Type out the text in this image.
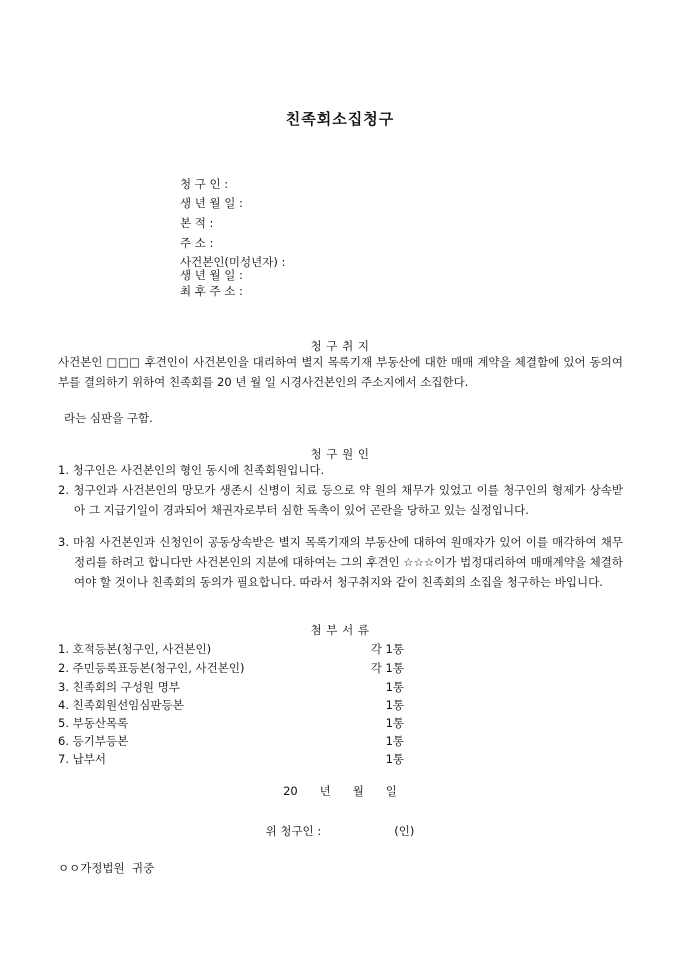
친족회소집청구
청 구 인 :
생 년 월 일 :
본 적 :
주 소 :
사건본인(미성년자) :
생 년 월 일 :
최 후 주 소 :
청 구 취 지
사건본인 □□□ 후견인이 사건본인을 대리하여 별지 목록기재 부동산에 대한 매매 계약을 체결함에 있어 동의여부를 결의하기 위하여 친족회를 20 년 월 일 시경사건본인의 주소지에서 소집한다.
라는 심판을 구함.
청 구 원 인
1. 청구인은 사건본인의 형인 동시에 친족회원입니다.
2. 청구인과 사건본인의 망모가 생존시 신병이 치료 등으로 약 원의 채무가 있었고 이를 청구인의 형제가 상속받아 그 지급기일이 경과되어 채권자로부터 심한 독촉이 있어 곤란을 당하고 있는 실정입니다.
3. 마침 사건본인과 신청인이 공동상속받은 별지 목록기재의 부동산에 대하여 원매자가 있어 이를 매각하여 채무정리를 하려고 합니다만 사건본인의 지분에 대하여는 그의 후견인 ☆☆☆이가 법정대리하여 매매계약을 체결하여야 할 것이나 친족회의 동의가 필요합니다. 따라서 청구취지와 같이 친족회의 소집을 청구하는 바입니다.
첨 부 서 류
1. 호적등본(청구인, 사건본인)	각 1통
2. 주민등록표등본(청구인, 사건본인)	각 1통
3. 친족회의 구성원 명부	1통
4. 친족회원선임심판등본	1통
5. 부동산목록	1통
6. 등기부등본	1통
7. 납부서	1통
20      년      월      일
위 청구인 :                    (인)
ㅇㅇ가정법원  귀중
